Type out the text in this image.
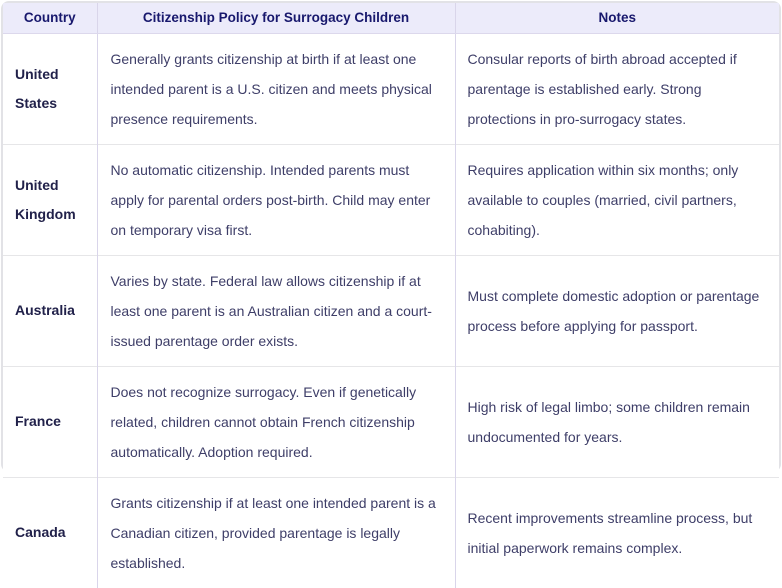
Country	Citizenship Policy for Surrogacy Children	Notes
United States	Generally grants citizenship at birth if at least one intended parent is a U.S. citizen and meets physical presence requirements.	Consular reports of birth abroad accepted if parentage is established early. Strong protections in pro-surrogacy states.
United Kingdom	No automatic citizenship. Intended parents must apply for parental orders post-birth. Child may enter on temporary visa first.	Requires application within six months; only available to couples (married, civil partners, cohabiting).
Australia	Varies by state. Federal law allows citizenship if at least one parent is an Australian citizen and a court-issued parentage order exists.	Must complete domestic adoption or parentage process before applying for passport.
France	Does not recognize surrogacy. Even if genetically related, children cannot obtain French citizenship automatically. Adoption required.	High risk of legal limbo; some children remain undocumented for years.
Canada	Grants citizenship if at least one intended parent is a Canadian citizen, provided parentage is legally established.	Recent improvements streamline process, but initial paperwork remains complex.
